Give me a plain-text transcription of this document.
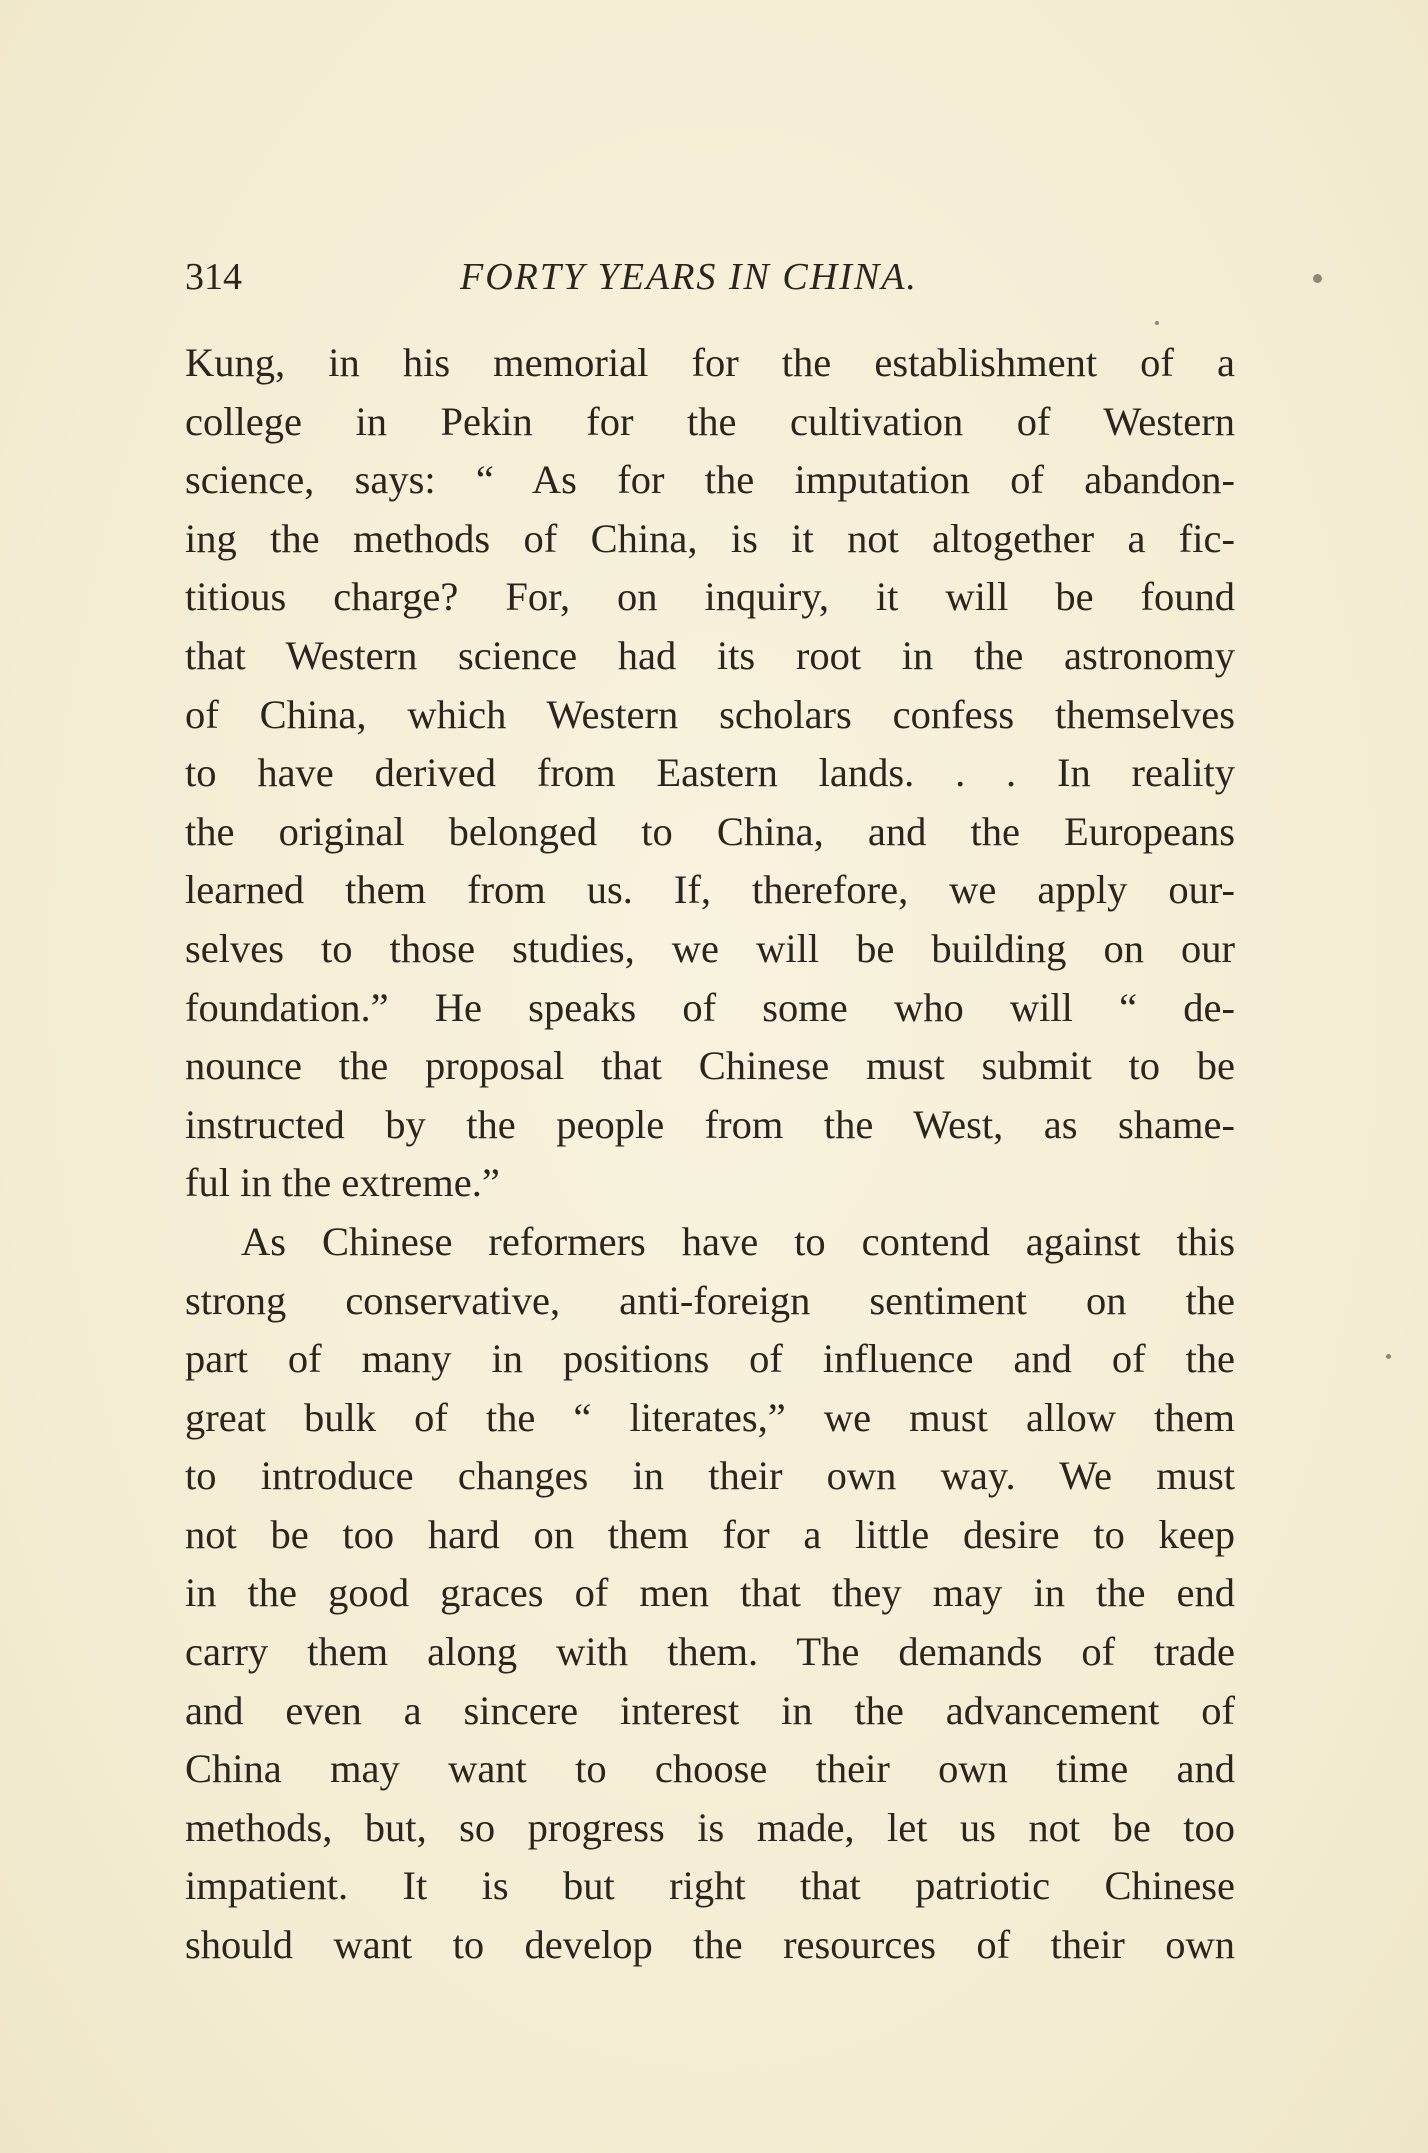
314	FORTY YEARS IN CHINA.
Kung, in his memorial for the establishment of a
college in Pekin for the cultivation of Western
science, says: “ As for the imputation of abandon-
ing the methods of China, is it not altogether a fic-
titious charge? For, on inquiry, it will be found
that Western science had its root in the astronomy
of China, which Western scholars confess themselves
to have derived from Eastern lands. . . In reality
the original belonged to China, and the Europeans
learned them from us. If, therefore, we apply our-
selves to those studies, we will be building on our
foundation.” He speaks of some who will “ de-
nounce the proposal that Chinese must submit to be
instructed by the people from the West, as shame-
ful in the extreme.”
As Chinese reformers have to contend against this
strong conservative, anti-foreign sentiment on the
part of many in positions of influence and of the
great bulk of the “ literates,” we must allow them
to introduce changes in their own way. We must
not be too hard on them for a little desire to keep
in the good graces of men that they may in the end
carry them along with them. The demands of trade
and even a sincere interest in the advancement of
China may want to choose their own time and
methods, but, so progress is made, let us not be too
impatient. It is but right that patriotic Chinese
should want to develop the resources of their own
